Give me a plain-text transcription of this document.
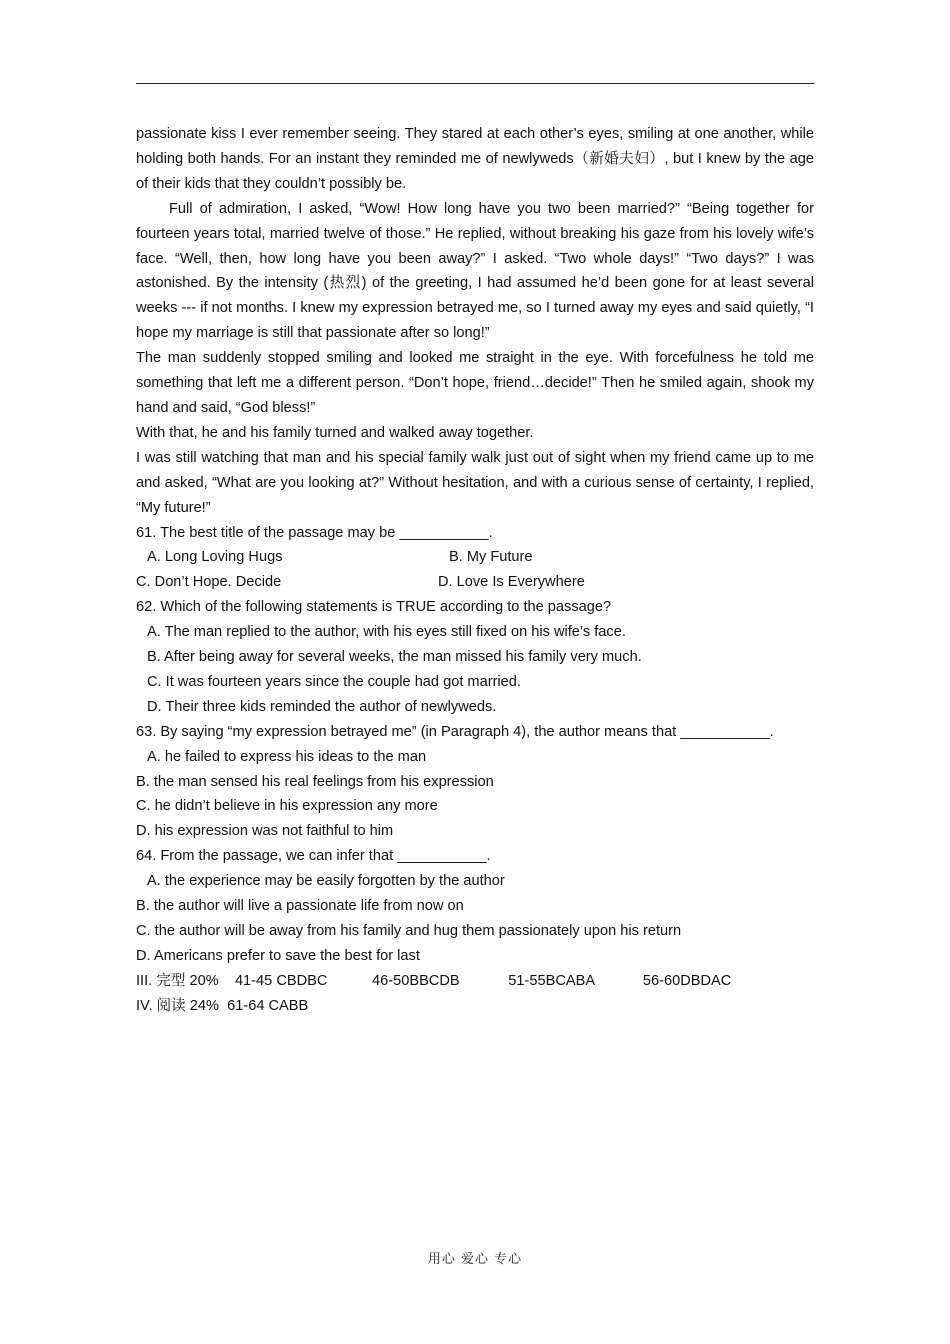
passionate kiss I ever remember seeing. They stared at each other’s eyes, smiling at one another, while holding both hands. For an instant they reminded me of newlyweds（新婚夫妇）, but I knew by the age of their kids that they couldn’t possibly be.

Full of admiration, I asked, “Wow! How long have you two been married?” “Being together for fourteen years total, married twelve of those.” He replied, without breaking his gaze from his lovely wife’s face. “Well, then, how long have you been away?” I asked. “Two whole days!” “Two days?” I was astonished. By the intensity (热烈) of the greeting, I had assumed he’d been gone for at least several weeks --- if not months. I knew my expression betrayed me, so I turned away my eyes and said quietly, “I hope my marriage is still that passionate after so long!”

The man suddenly stopped smiling and looked me straight in the eye. With forcefulness he told me something that left me a different person. “Don’t hope, friend…decide!” Then he smiled again, shook my hand and said, “God bless!”

With that, he and his family turned and walked away together.

I was still watching that man and his special family walk just out of sight when my friend came up to me and asked, “What are you looking at?” Without hesitation, and with a curious sense of certainty, I replied, “My future!”

61. The best title of the passage may be ___________.

A. Long Loving Hugs	B. My Future
C. Don’t Hope. Decide	D. Love Is Everywhere

62. Which of the following statements is TRUE according to the passage?

A. The man replied to the author, with his eyes still fixed on his wife’s face.

B. After being away for several weeks, the man missed his family very much.

C. It was fourteen years since the couple had got married.

D. Their three kids reminded the author of newlyweds.

63. By saying “my expression betrayed me” (in Paragraph 4), the author means that ___________.

A. he failed to express his ideas to the man

B. the man sensed his real feelings from his expression

C. he didn’t believe in his expression any more

D. his expression was not faithful to him

64. From the passage, we can infer that ___________.

A. the experience may be easily forgotten by the author

B. the author will live a passionate life from now on

C. the author will be away from his family and hug them passionately upon his return

D. Americans prefer to save the best for last

III. 完型 20%    41-45 CBDBC           46-50BBCDB            51-55BCABA            56-60DBDAC

IV. 阅读 24%  61-64 CABB

用心 爱心 专心
